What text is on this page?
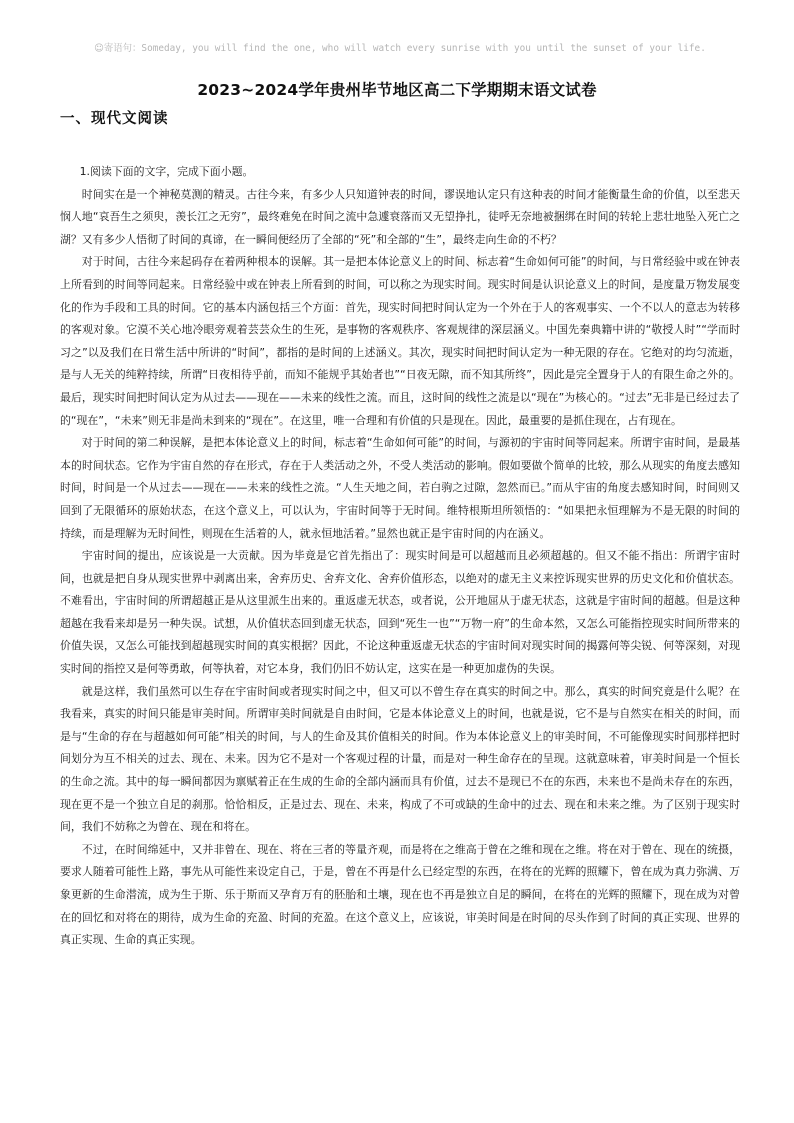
☺寄语句：Someday, you will find the one, who will watch every sunrise with you until the sunset of your life.
2023~2024学年贵州毕节地区高二下学期期末语文试卷
一、现代文阅读

1.阅读下面的文字，完成下面小题。

时间实在是一个神秘莫测的精灵。古往今来，有多少人只知道钟表的时间，谬误地认定只有这种表的时间才能衡量生命的价值，以至悲天悯人地“哀吾生之须臾，羡长江之无穷”，最终难免在时间之流中急遽衰落而又无望挣扎，徒呼无奈地被捆绑在时间的转轮上悲壮地坠入死亡之湖？又有多少人悟彻了时间的真谛，在一瞬间便经历了全部的“死”和全部的“生”，最终走向生命的不朽？

对于时间，古往今来起码存在着两种根本的误解。其一是把本体论意义上的时间、标志着“生命如何可能”的时间，与日常经验中或在钟表上所看到的时间等同起来。日常经验中或在钟表上所看到的时间，可以称之为现实时间。现实时间是认识论意义上的时间，是度量万物发展变化的作为手段和工具的时间。它的基本内涵包括三个方面：首先，现实时间把时间认定为一个外在于人的客观事实、一个不以人的意志为转移的客观对象。它漠不关心地冷眼旁观着芸芸众生的生死，是事物的客观秩序、客观规律的深层涵义。中国先秦典籍中讲的“敬授人时”“学而时习之”以及我们在日常生活中所讲的“时间”，都指的是时间的上述涵义。其次，现实时间把时间认定为一种无限的存在。它绝对的均匀流逝，是与人无关的纯粹持续，所谓“日夜相待乎前，而知不能规乎其始者也”“日夜无隙，而不知其所终”，因此是完全置身于人的有限生命之外的。最后，现实时间把时间认定为从过去——现在——未来的线性之流。而且，这时间的线性之流是以“现在”为核心的。“过去”无非是已经过去了的“现在”，“未来”则无非是尚未到来的“现在”。在这里，唯一合理和有价值的只是现在。因此，最重要的是抓住现在，占有现在。

对于时间的第二种误解，是把本体论意义上的时间，标志着“生命如何可能”的时间，与源初的宇宙时间等同起来。所谓宇宙时间，是最基本的时间状态。它作为宇宙自然的存在形式，存在于人类活动之外，不受人类活动的影响。假如要做个简单的比较，那么从现实的角度去感知时间，时间是一个从过去——现在——未来的线性之流。“人生天地之间，若白驹之过隙，忽然而已。”而从宇宙的角度去感知时间，时间则又回到了无限循环的原始状态，在这个意义上，可以认为，宇宙时间等于无时间。维特根斯坦所领悟的：“如果把永恒理解为不是无限的时间的持续，而是理解为无时间性，则现在生活着的人，就永恒地活着。”显然也就正是宇宙时间的内在涵义。

宇宙时间的提出，应该说是一大贡献。因为毕竟是它首先指出了：现实时间是可以超越而且必须超越的。但又不能不指出：所谓宇宙时间，也就是把自身从现实世界中剥离出来，舍弃历史、舍弃文化、舍弃价值形态，以绝对的虚无主义来控诉现实世界的历史文化和价值状态。不难看出，宇宙时间的所谓超越正是从这里派生出来的。重返虚无状态，或者说，公开地屈从于虚无状态，这就是宇宙时间的超越。但是这种超越在我看来却是另一种失误。试想，从价值状态回到虚无状态，回到“死生一也”“万物一府”的生命本然，又怎么可能指控现实时间所带来的价值失误，又怎么可能找到超越现实时间的真实根据？因此，不论这种重返虚无状态的宇宙时间对现实时间的揭露何等尖锐、何等深刻，对现实时间的指控又是何等勇敢，何等执着，对它本身，我们仍旧不妨认定，这实在是一种更加虚伪的失误。

就是这样，我们虽然可以生存在宇宙时间或者现实时间之中，但又可以不曾生存在真实的时间之中。那么，真实的时间究竟是什么呢？在我看来，真实的时间只能是审美时间。所谓审美时间就是自由时间，它是本体论意义上的时间，也就是说，它不是与自然实在相关的时间，而是与“生命的存在与超越如何可能”相关的时间，与人的生命及其价值相关的时间。作为本体论意义上的审美时间，不可能像现实时间那样把时间划分为互不相关的过去、现在、未来。因为它不是对一个客观过程的计量，而是对一种生命存在的呈现。这就意味着，审美时间是一个恒长的生命之流。其中的每一瞬间都因为禀赋着正在生成的生命的全部内涵而具有价值，过去不是现已不在的东西，未来也不是尚未存在的东西，现在更不是一个独立自足的刹那。恰恰相反，正是过去、现在、未来，构成了不可或缺的生命中的过去、现在和未来之维。为了区别于现实时间，我们不妨称之为曾在、现在和将在。

不过，在时间绵延中，又并非曾在、现在、将在三者的等量齐观，而是将在之维高于曾在之维和现在之维。将在对于曾在、现在的统摄，要求人随着可能性上路，事先从可能性来设定自己，于是，曾在不再是什么已经定型的东西，在将在的光辉的照耀下，曾在成为真力弥满、万象更新的生命潜流，成为生于斯、乐于斯而又孕育万有的胚胎和土壤，现在也不再是独立自足的瞬间，在将在的光辉的照耀下，现在成为对曾在的回忆和对将在的期待，成为生命的充盈、时间的充盈。在这个意义上，应该说，审美时间是在时间的尽头作到了时间的真正实现、世界的真正实现、生命的真正实现。
